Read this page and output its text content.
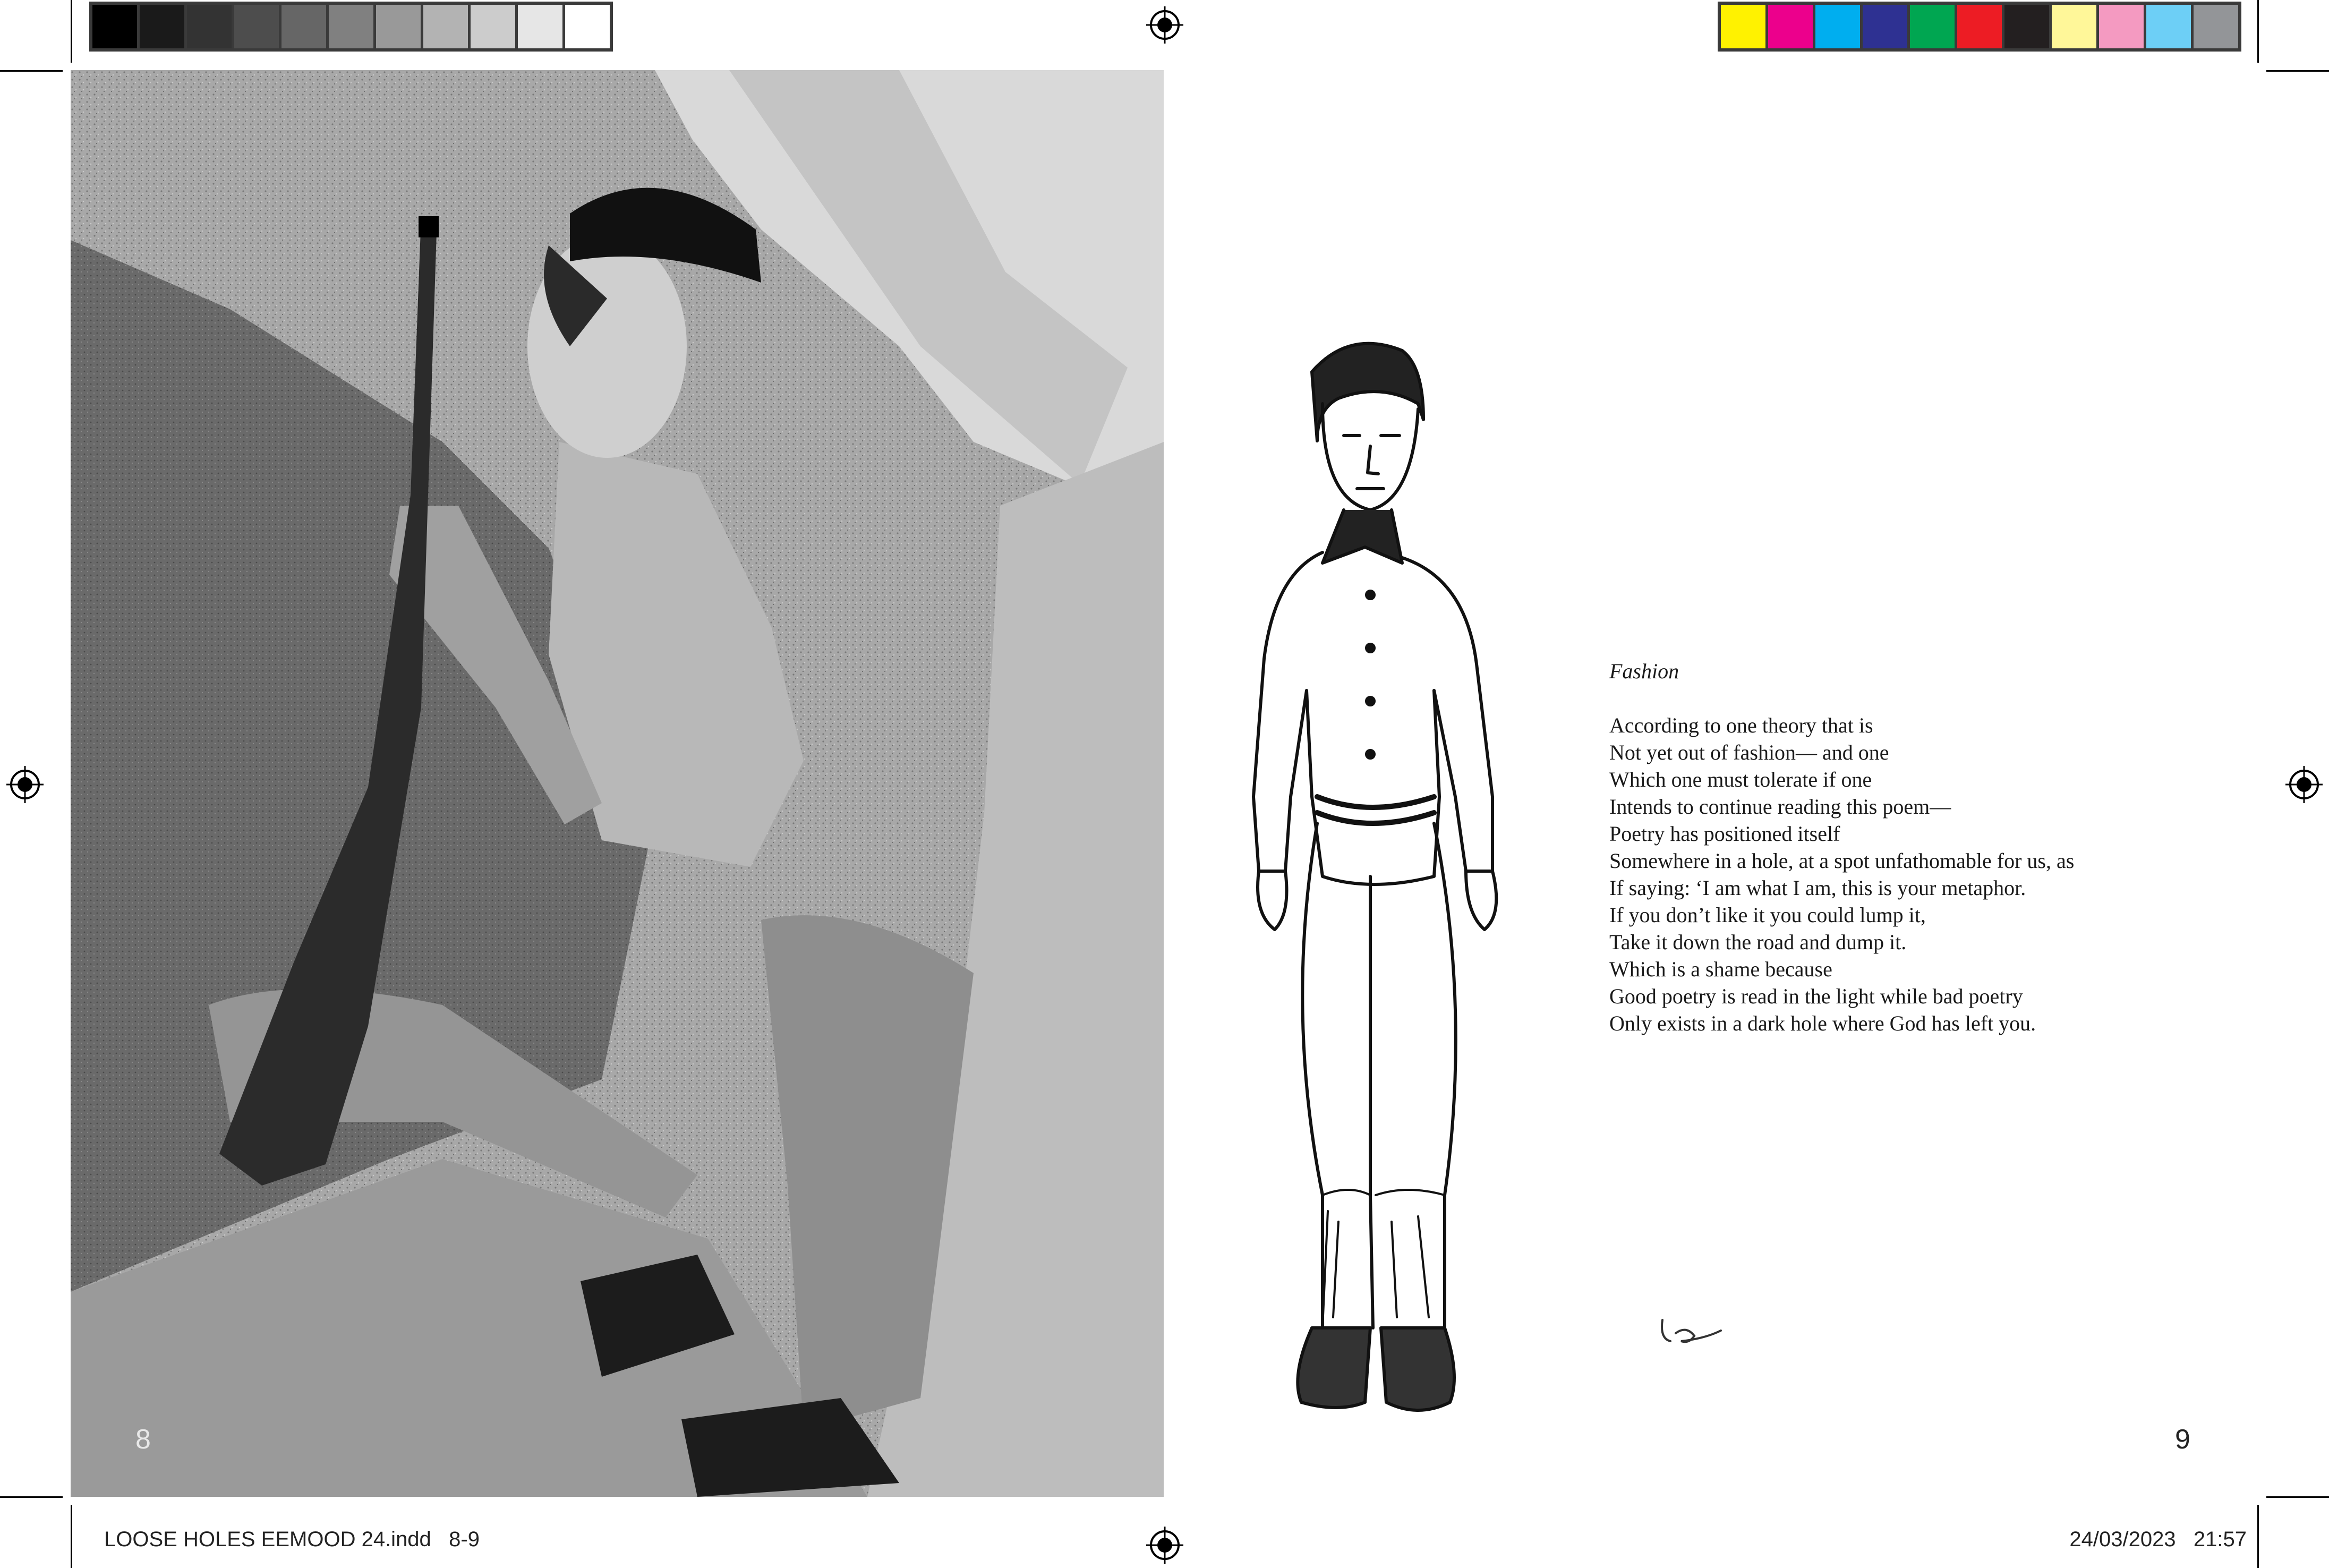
Fashion
According to one theory that is
Not yet out of fashion— and one
Which one must tolerate if one
Intends to continue reading this poem—
Poetry has positioned itself
Somewhere in a hole, at a spot unfathomable for us, as
If saying: ‘I am what I am, this is your metaphor.
If you don’t like it you could lump it,
Take it down the road and dump it.
Which is a shame because
Good poetry is read in the light while bad poetry
Only exists in a dark hole where God has left you.
8	9
LOOSE HOLES EEMOOD 24.indd   8-9	24/03/2023   21:57
